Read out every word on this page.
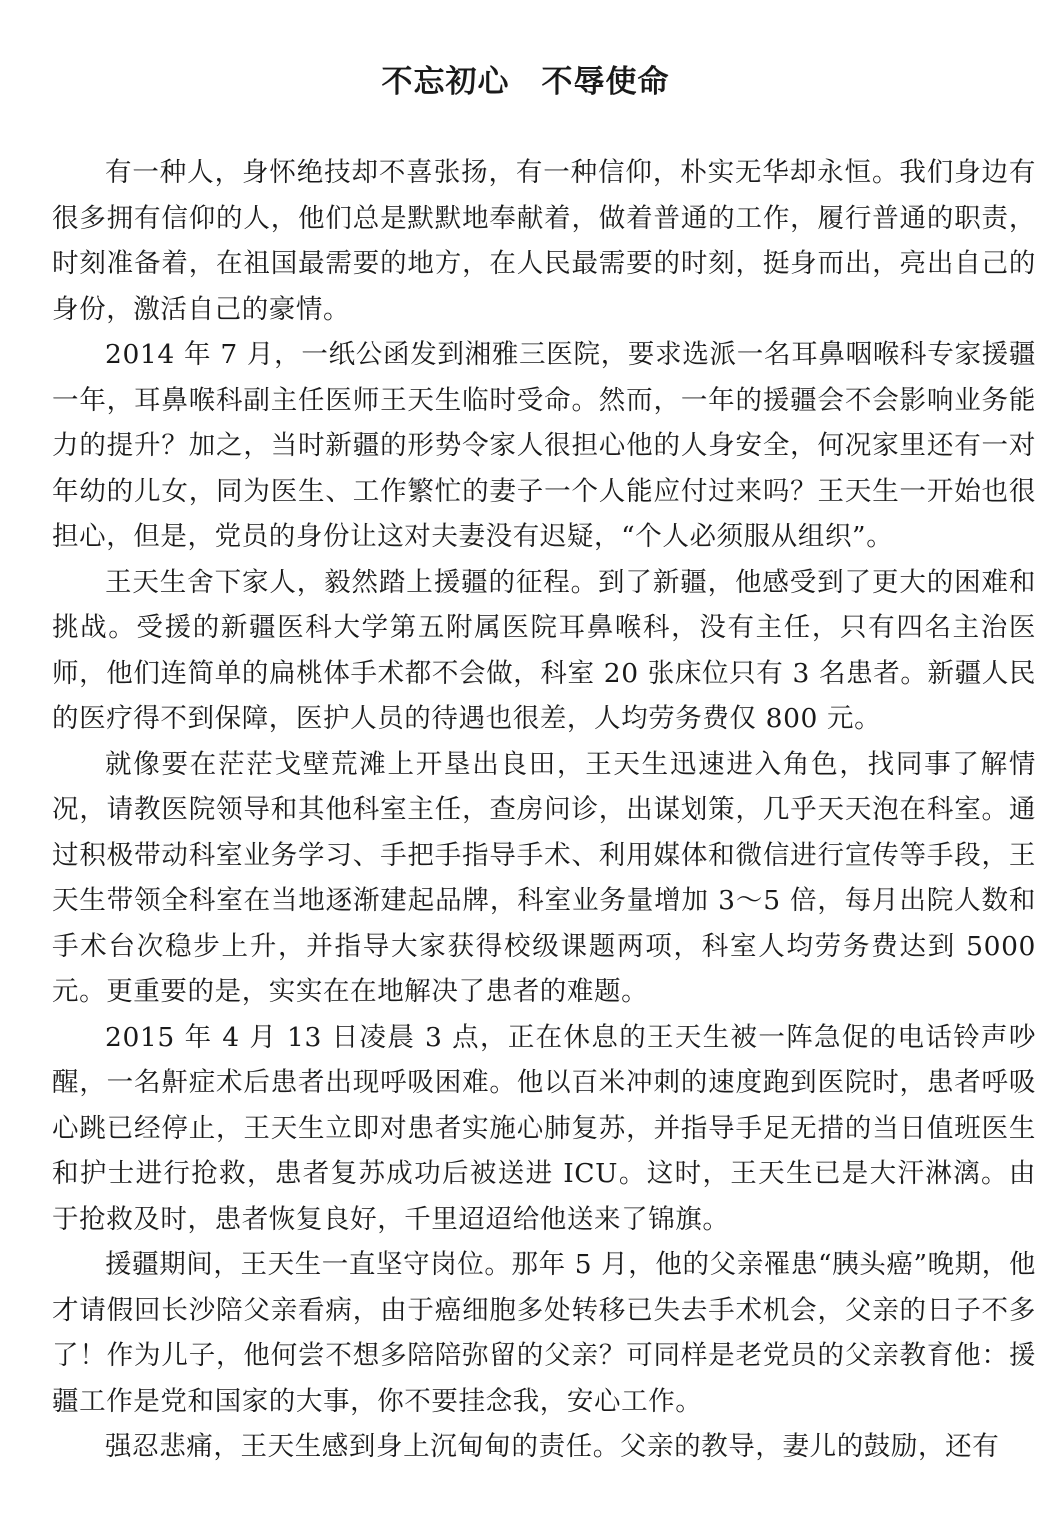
不忘初心　不辱使命

有一种人，身怀绝技却不喜张扬，有一种信仰，朴实无华却永恒。我们身边有很多拥有信仰的人，他们总是默默地奉献着，做着普通的工作，履行普通的职责，时刻准备着，在祖国最需要的地方，在人民最需要的时刻，挺身而出，亮出自己的身份，激活自己的豪情。

2014 年 7 月，一纸公函发到湘雅三医院，要求选派一名耳鼻咽喉科专家援疆一年，耳鼻喉科副主任医师王天生临时受命。然而，一年的援疆会不会影响业务能力的提升？加之，当时新疆的形势令家人很担心他的人身安全，何况家里还有一对年幼的儿女，同为医生、工作繁忙的妻子一个人能应付过来吗？王天生一开始也很担心，但是，党员的身份让这对夫妻没有迟疑，“个人必须服从组织”。

王天生舍下家人，毅然踏上援疆的征程。到了新疆，他感受到了更大的困难和挑战。受援的新疆医科大学第五附属医院耳鼻喉科，没有主任，只有四名主治医师，他们连简单的扁桃体手术都不会做，科室 20 张床位只有 3 名患者。新疆人民的医疗得不到保障，医护人员的待遇也很差，人均劳务费仅 800 元。

就像要在茫茫戈壁荒滩上开垦出良田，王天生迅速进入角色，找同事了解情况，请教医院领导和其他科室主任，查房问诊，出谋划策，几乎天天泡在科室。通过积极带动科室业务学习、手把手指导手术、利用媒体和微信进行宣传等手段，王天生带领全科室在当地逐渐建起品牌，科室业务量增加 3～5 倍，每月出院人数和手术台次稳步上升，并指导大家获得校级课题两项，科室人均劳务费达到 5000 元。更重要的是，实实在在地解决了患者的难题。

2015 年 4 月 13 日凌晨 3 点，正在休息的王天生被一阵急促的电话铃声吵醒，一名鼾症术后患者出现呼吸困难。他以百米冲刺的速度跑到医院时，患者呼吸心跳已经停止，王天生立即对患者实施心肺复苏，并指导手足无措的当日值班医生和护士进行抢救，患者复苏成功后被送进 ICU。这时，王天生已是大汗淋漓。由于抢救及时，患者恢复良好，千里迢迢给他送来了锦旗。

援疆期间，王天生一直坚守岗位。那年 5 月，他的父亲罹患“胰头癌”晚期，他才请假回长沙陪父亲看病，由于癌细胞多处转移已失去手术机会，父亲的日子不多了！作为儿子，他何尝不想多陪陪弥留的父亲？可同样是老党员的父亲教育他：援疆工作是党和国家的大事，你不要挂念我，安心工作。

强忍悲痛，王天生感到身上沉甸甸的责任。父亲的教导，妻儿的鼓励，还有
